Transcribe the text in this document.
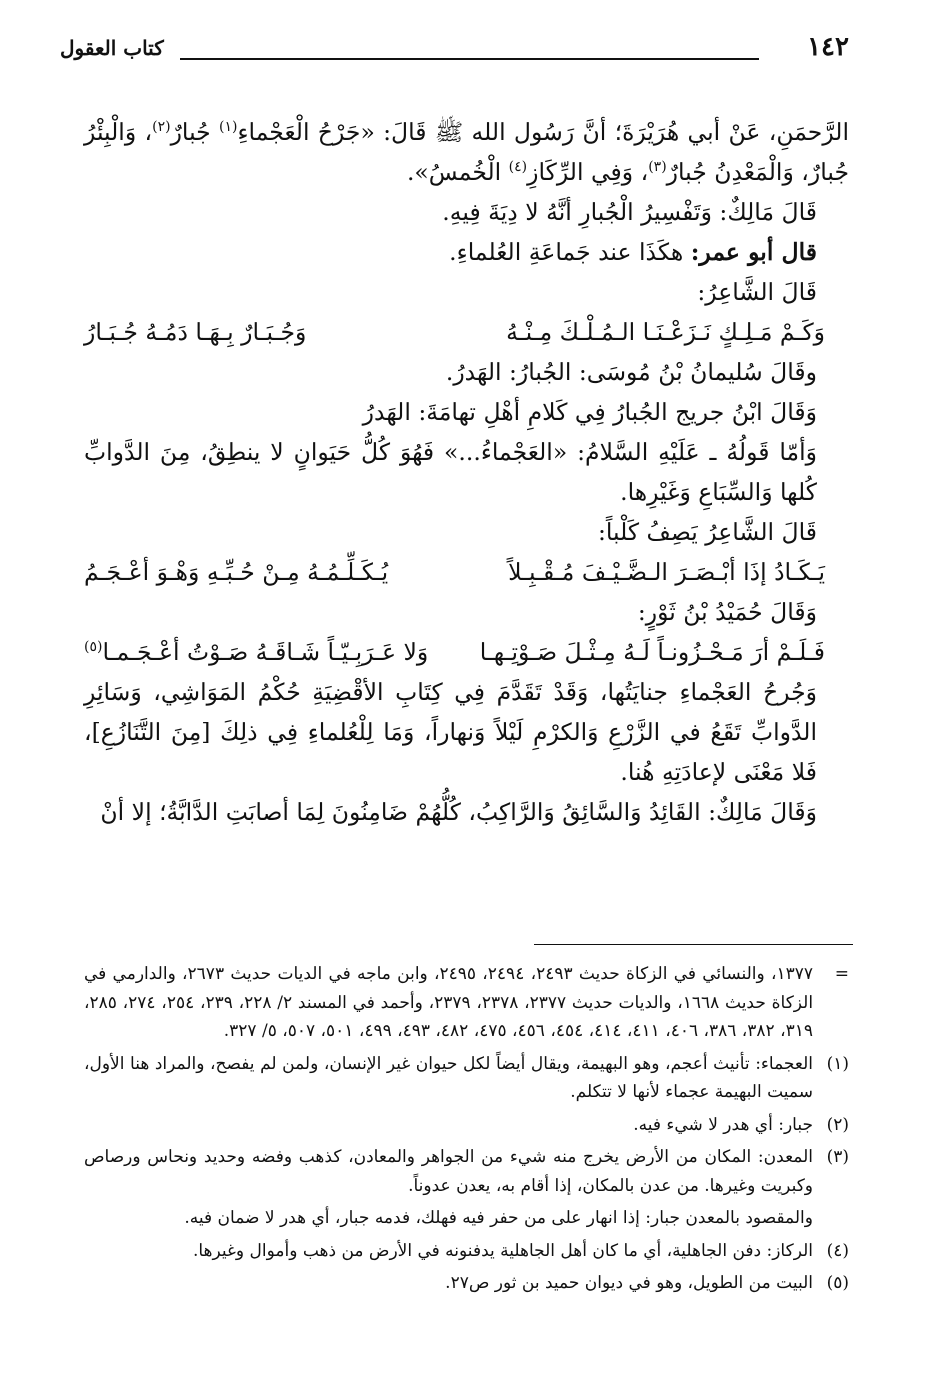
١٤٢
كتاب العقول

الرَّحمَنِ، عَنْ أبي هُرَيْرَةَ؛ أنَّ رَسُول الله ﷺ قَالَ: «جَرْحُ الْعَجْماءِ$^{(١)}$ جُبارٌ$^{(٢)}$، وَالْبِئْرُ جُبارٌ، وَالْمَعْدِنُ جُبارٌ$^{(٣)}$، وَفِي الرِّكَازِ$^{(٤)}$ الْخُمسُ».

قَالَ مَالِكٌ: وَتَفْسِيرُ الْجُبارِ أنَّهُ لا دِيَةَ فِيهِ.

قال أبو عمر: هكَذَا عند جَماعَةِ العُلماءِ.

قَالَ الشَّاعِرُ:

وَكَـمْ مَـلِـكٍ نَـزَعْـنَـا الـمُـلْـكَ مِـنْـهُ
وَجُـبَـارٌ بِـهَـا دَمُـهُ جُـبَـارُ

وقَالَ سُليمانُ بْنُ مُوسَى: الجُبارُ: الهَدرُ.

وَقَالَ ابْنُ جريج الجُبارُ فِي كَلامِ أهْلِ تهامَةَ: الهَدرُ

وَأمّا قَولُهُ ـ عَلَيْهِ السَّلامُ: «العَجْماءُ...» فَهُوَ كُلُّ حَيَوانٍ لا ينطِقُ، مِنَ الدَّوابِّ كُلها وَالسِّبَاعِ وَغَيْرِها.

قَالَ الشَّاعِرُ يَصِفُ كَلْباً:

يَـكَـادُ إذَا أبْـصَـرَ الـضَّـيْـفَ مُـقْـبِـلاً
يُـكَـلِّـمُـهُ مِـنْ حُـبِّـهِ وَهْـوَ أعْـجَـمُ

وَقَالَ حُمَيْدُ بْنُ ثَوْرٍ:

فَـلَـمْ أرَ مَـحْـزُونـاً لَـهُ مِـثْـلَ صَـوْتِـهـا
وَلا عَـرَبِـيّـاً شَـاقَـهُ صَـوْتُ أعْـجَـمـا$^{(٥)}$

وَجُرحُ العَجْماءِ جنايَتُها، وَقَدْ تَقَدَّمَ فِي كِتَابِ الأقْضِيَةِ حُكْمُ المَوَاشِي، وَسَائِرِ الدَّوابِّ تَقَعُ في الزَّرْعِ وَالكرْمِ لَيْلاً وَنهاراً، وَمَا لِلْعُلماءِ فِي ذلِكَ [مِنَ التَّنَازُعِ]، فَلا مَعْنَى لإعادَتِهِ هُنا.

وَقَالَ مَالِكٌ: القَائِدُ وَالسَّائِقُ وَالرَّاكِبُ، كُلُّهُمْ ضَامِنُونَ لِمَا أصابَتِ الدَّابَّةُ؛ إلا أنْ

=
١٣٧٧، والنسائي في الزكاة حديث ٢٤٩٣، ٢٤٩٤، ٢٤٩٥، وابن ماجه في الديات حديث ٢٦٧٣، والدارمي في الزكاة حديث ١٦٦٨، والديات حديث ٢٣٧٧، ٢٣٧٨، ٢٣٧٩، وأحمد في المسند ٢/ ٢٢٨، ٢٣٩، ٢٥٤، ٢٧٤، ٢٨٥، ٣١٩، ٣٨٢، ٣٨٦، ٤٠٦، ٤١١، ٤١٤، ٤٥٤، ٤٥٦، ٤٧٥، ٤٨٢، ٤٩٣، ٤٩٩، ٥٠١، ٥٠٧، ٥/ ٣٢٧.
(١)
العجماء: تأنيث أعجم، وهو البهيمة، ويقال أيضاً لكل حيوان غير الإنسان، ولمن لم يفصح، والمراد هنا الأول، سميت البهيمة عجماء لأنها لا تتكلم.
(٢)
جبار: أي هدر لا شيء فيه.
(٣)
المعدن: المكان من الأرض يخرج منه شيء من الجواهر والمعادن، كذهب وفضه وحديد ونحاس ورصاص وكبريت وغيرها. من عدن بالمكان، إذا أقام به، يعدن عدوناً.
والمقصود بالمعدن جبار: إذا انهار على من حفر فيه فهلك، فدمه جبار، أي هدر لا ضمان فيه.
(٤)
الركاز: دفن الجاهلية، أي ما كان أهل الجاهلية يدفنونه في الأرض من ذهب وأموال وغيرها.
(٥)
البيت من الطويل، وهو في ديوان حميد بن ثور ص٢٧.
